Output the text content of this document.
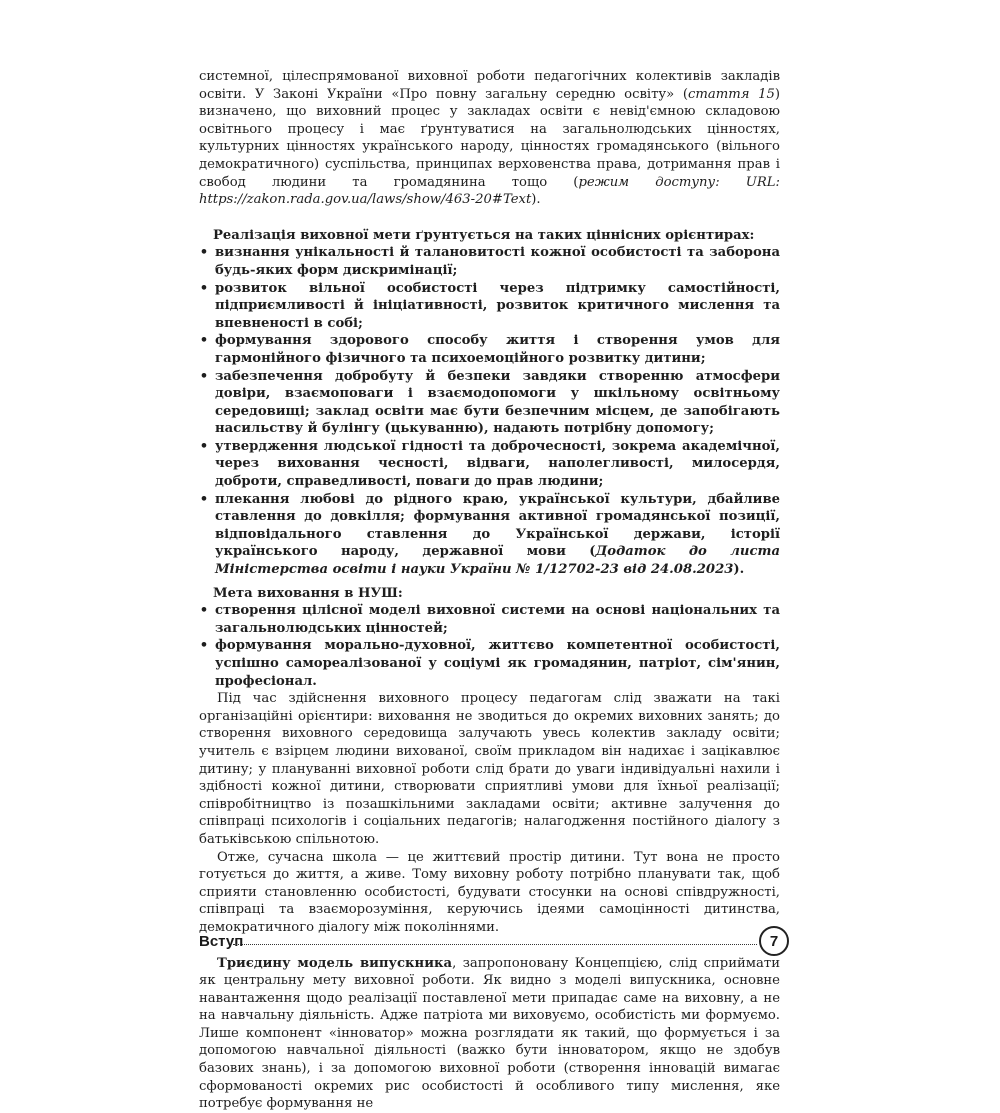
системної, цілеспрямованої виховної роботи педагогічних колективів закладів освіти. У Законі України «Про повну загальну середню освіту» (стаття 15) визначено, що виховний процес у закладах освіти є невід'ємною складовою освітнього процесу і має ґрунтуватися на загальнолюдських цінностях, культурних цінностях українського народу, цінностях громадянського (вільного демократичного) суспільства, принципах верховенства права, дотримання прав і свобод людини та громадянина тощо (режим доступу: URL: https://zakon.rada.gov.ua/laws/show/463-20#Text).

Реалізація виховної мети ґрунтується на таких ціннісних орієнтирах:

• визнання унікальності й талановитості кожної особистості та заборона будь-яких форм дискримінації;
• розвиток вільної особистості через підтримку самостійності, підприємливості й ініціативності, розвиток критичного мислення та впевненості в собі;
• формування здорового способу життя і створення умов для гармонійного фізичного та психоемоційного розвитку дитини;
• забезпечення добробуту й безпеки завдяки створенню атмосфери довіри, взаємоповаги і взаємодопомоги у шкільному освітньому середовищі; заклад освіти має бути безпечним місцем, де запобігають насильству й булінгу (цькуванню), надають потрібну допомогу;
• утвердження людської гідності та доброчесності, зокрема академічної, через виховання чесності, відваги, наполегливості, милосердя, доброти, справедливості, поваги до прав людини;
• плекання любові до рідного краю, української культури, дбайливе ставлення до довкілля; формування активної громадянської позиції, відповідального ставлення до Української держави, історії українського народу, державної мови (Додаток до листа Міністерства освіти і науки України № 1/12702-23 від 24.08.2023).

Мета виховання в НУШ:

• створення цілісної моделі виховної системи на основі національних та загальнолюдських цінностей;
• формування морально-духовної, життєво компетентної особистості, успішно самореалізованої у соціумі як громадянин, патріот, сім'янин, професіонал.

Під час здійснення виховного процесу педагогам слід зважати на такі організаційні орієнтири: виховання не зводиться до окремих виховних занять; до створення виховного середовища залучають увесь колектив закладу освіти; учитель є взірцем людини вихованої, своїм прикладом він надихає і зацікавлює дитину; у плануванні виховної роботи слід брати до уваги індивідуальні нахили і здібності кожної дитини, створювати сприятливі умови для їхньої реалізації; співробітництво із позашкільними закладами освіти; активне залучення до співпраці психологів і соціальних педагогів; налагодження постійного діалогу з батьківською спільнотою.

Отже, сучасна школа — це життєвий простір дитини. Тут вона не просто готується до життя, а живе. Тому виховну роботу потрібно планувати так, щоб сприяти становленню особистості, будувати стосунки на основі співдружності, співпраці та взаєморозуміння, керуючись ідеями самоцінності дитинства, демократичного діалогу між поколіннями.

Триєдину модель випускника, запропоновану Концепцією, слід сприймати як центральну мету виховної роботи. Як видно з моделі випускника, основне навантаження щодо реалізації поставленої мети припадає саме на виховну, а не на навчальну діяльність. Адже патріота ми виховуємо, особистість ми формуємо. Лише компонент «інноватор» можна розглядати як такий, що формується і за допомогою навчальної діяльності (важко бути інноватором, якщо не здобув базових знань), і за допомогою виховної роботи (створення інновацій вимагає сформованості окремих рис особистості й особливого типу мислення, яке потребує формування не

Вступ	7
